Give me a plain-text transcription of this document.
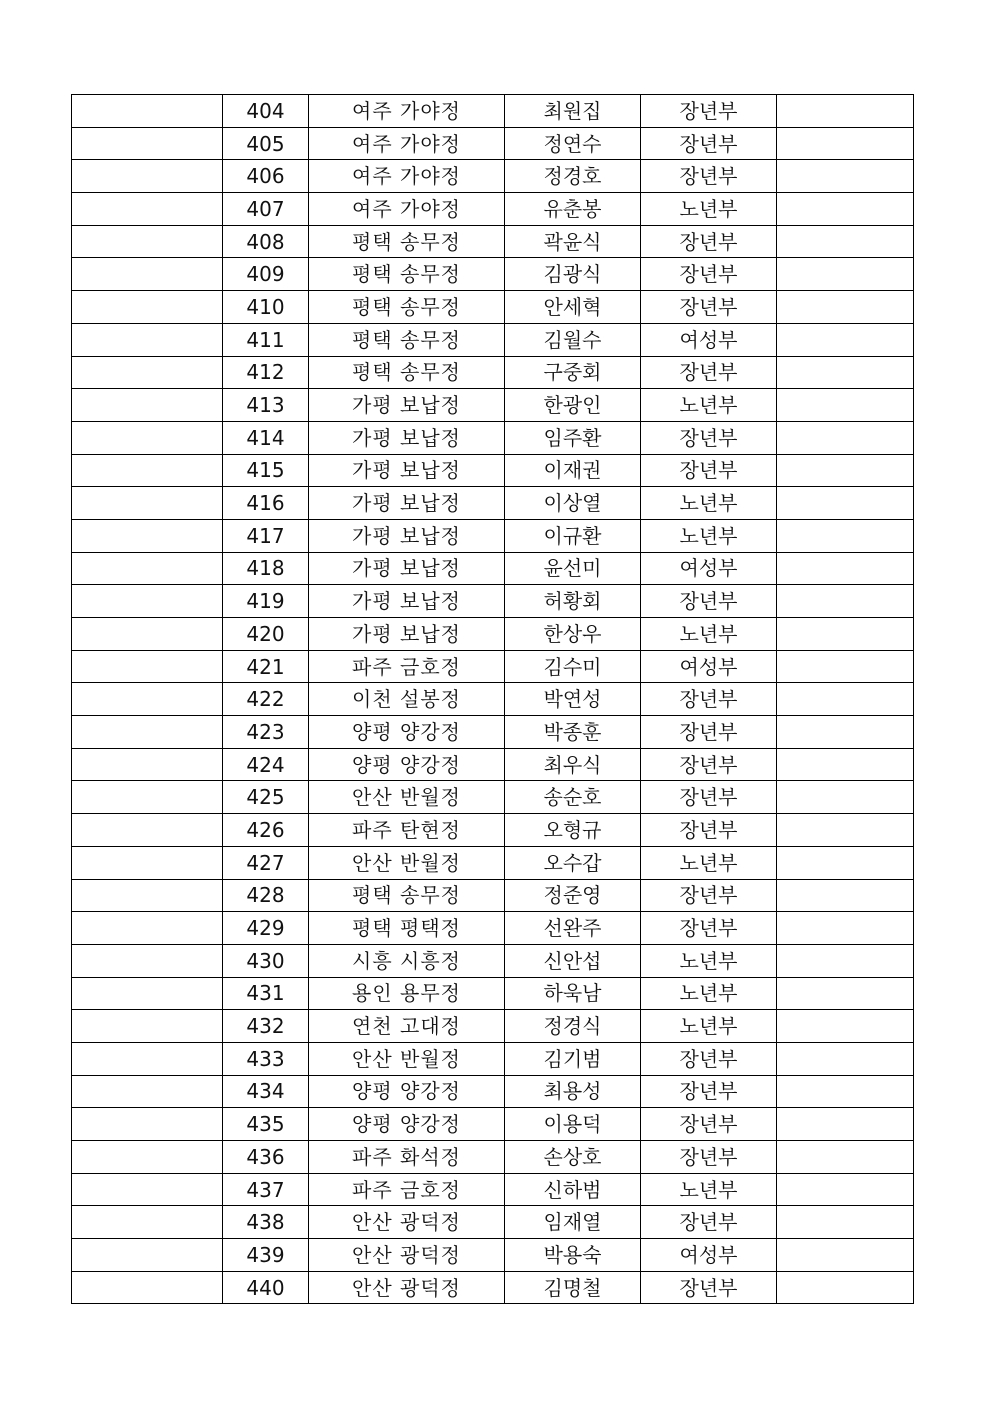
	404	여주 가야정	최원집	장년부	
	405	여주 가야정	정연수	장년부	
	406	여주 가야정	정경호	장년부	
	407	여주 가야정	유춘봉	노년부	
	408	평택 송무정	곽윤식	장년부	
	409	평택 송무정	김광식	장년부	
	410	평택 송무정	안세혁	장년부	
	411	평택 송무정	김월수	여성부	
	412	평택 송무정	구중회	장년부	
	413	가평 보납정	한광인	노년부	
	414	가평 보납정	임주환	장년부	
	415	가평 보납정	이재권	장년부	
	416	가평 보납정	이상열	노년부	
	417	가평 보납정	이규환	노년부	
	418	가평 보납정	윤선미	여성부	
	419	가평 보납정	허황회	장년부	
	420	가평 보납정	한상우	노년부	
	421	파주 금호정	김수미	여성부	
	422	이천 설봉정	박연성	장년부	
	423	양평 양강정	박종훈	장년부	
	424	양평 양강정	최우식	장년부	
	425	안산 반월정	송순호	장년부	
	426	파주 탄현정	오형규	장년부	
	427	안산 반월정	오수갑	노년부	
	428	평택 송무정	정준영	장년부	
	429	평택 평택정	선완주	장년부	
	430	시흥 시흥정	신안섭	노년부	
	431	용인 용무정	하욱남	노년부	
	432	연천 고대정	정경식	노년부	
	433	안산 반월정	김기범	장년부	
	434	양평 양강정	최용성	장년부	
	435	양평 양강정	이용덕	장년부	
	436	파주 화석정	손상호	장년부	
	437	파주 금호정	신하범	노년부	
	438	안산 광덕정	임재열	장년부	
	439	안산 광덕정	박용숙	여성부	
	440	안산 광덕정	김명철	장년부	
